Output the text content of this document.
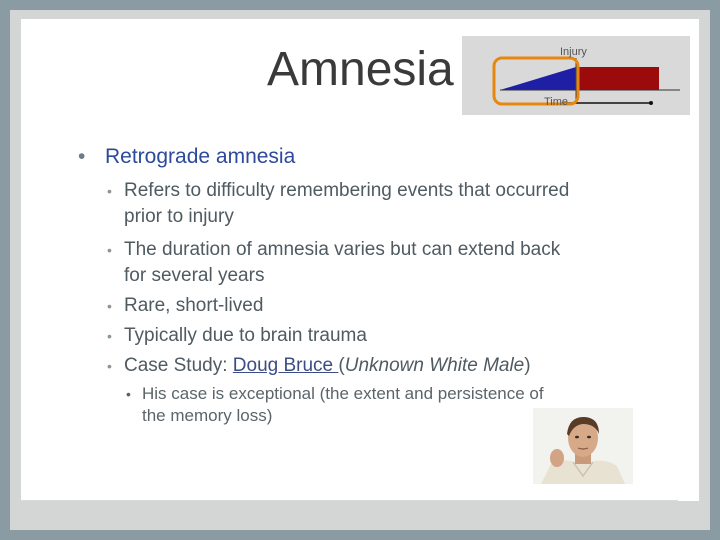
Amnesia	Injury
Time
• Retrograde amnesia
• Refers to difficulty remembering events that occurred
prior to injury
• The duration of amnesia varies but can extend back
for several years
• Rare, short-lived
• Typically due to brain trauma
• Case Study: Doug Bruce (Unknown White Male)
• His case is exceptional (the extent and persistence of
the memory loss)
